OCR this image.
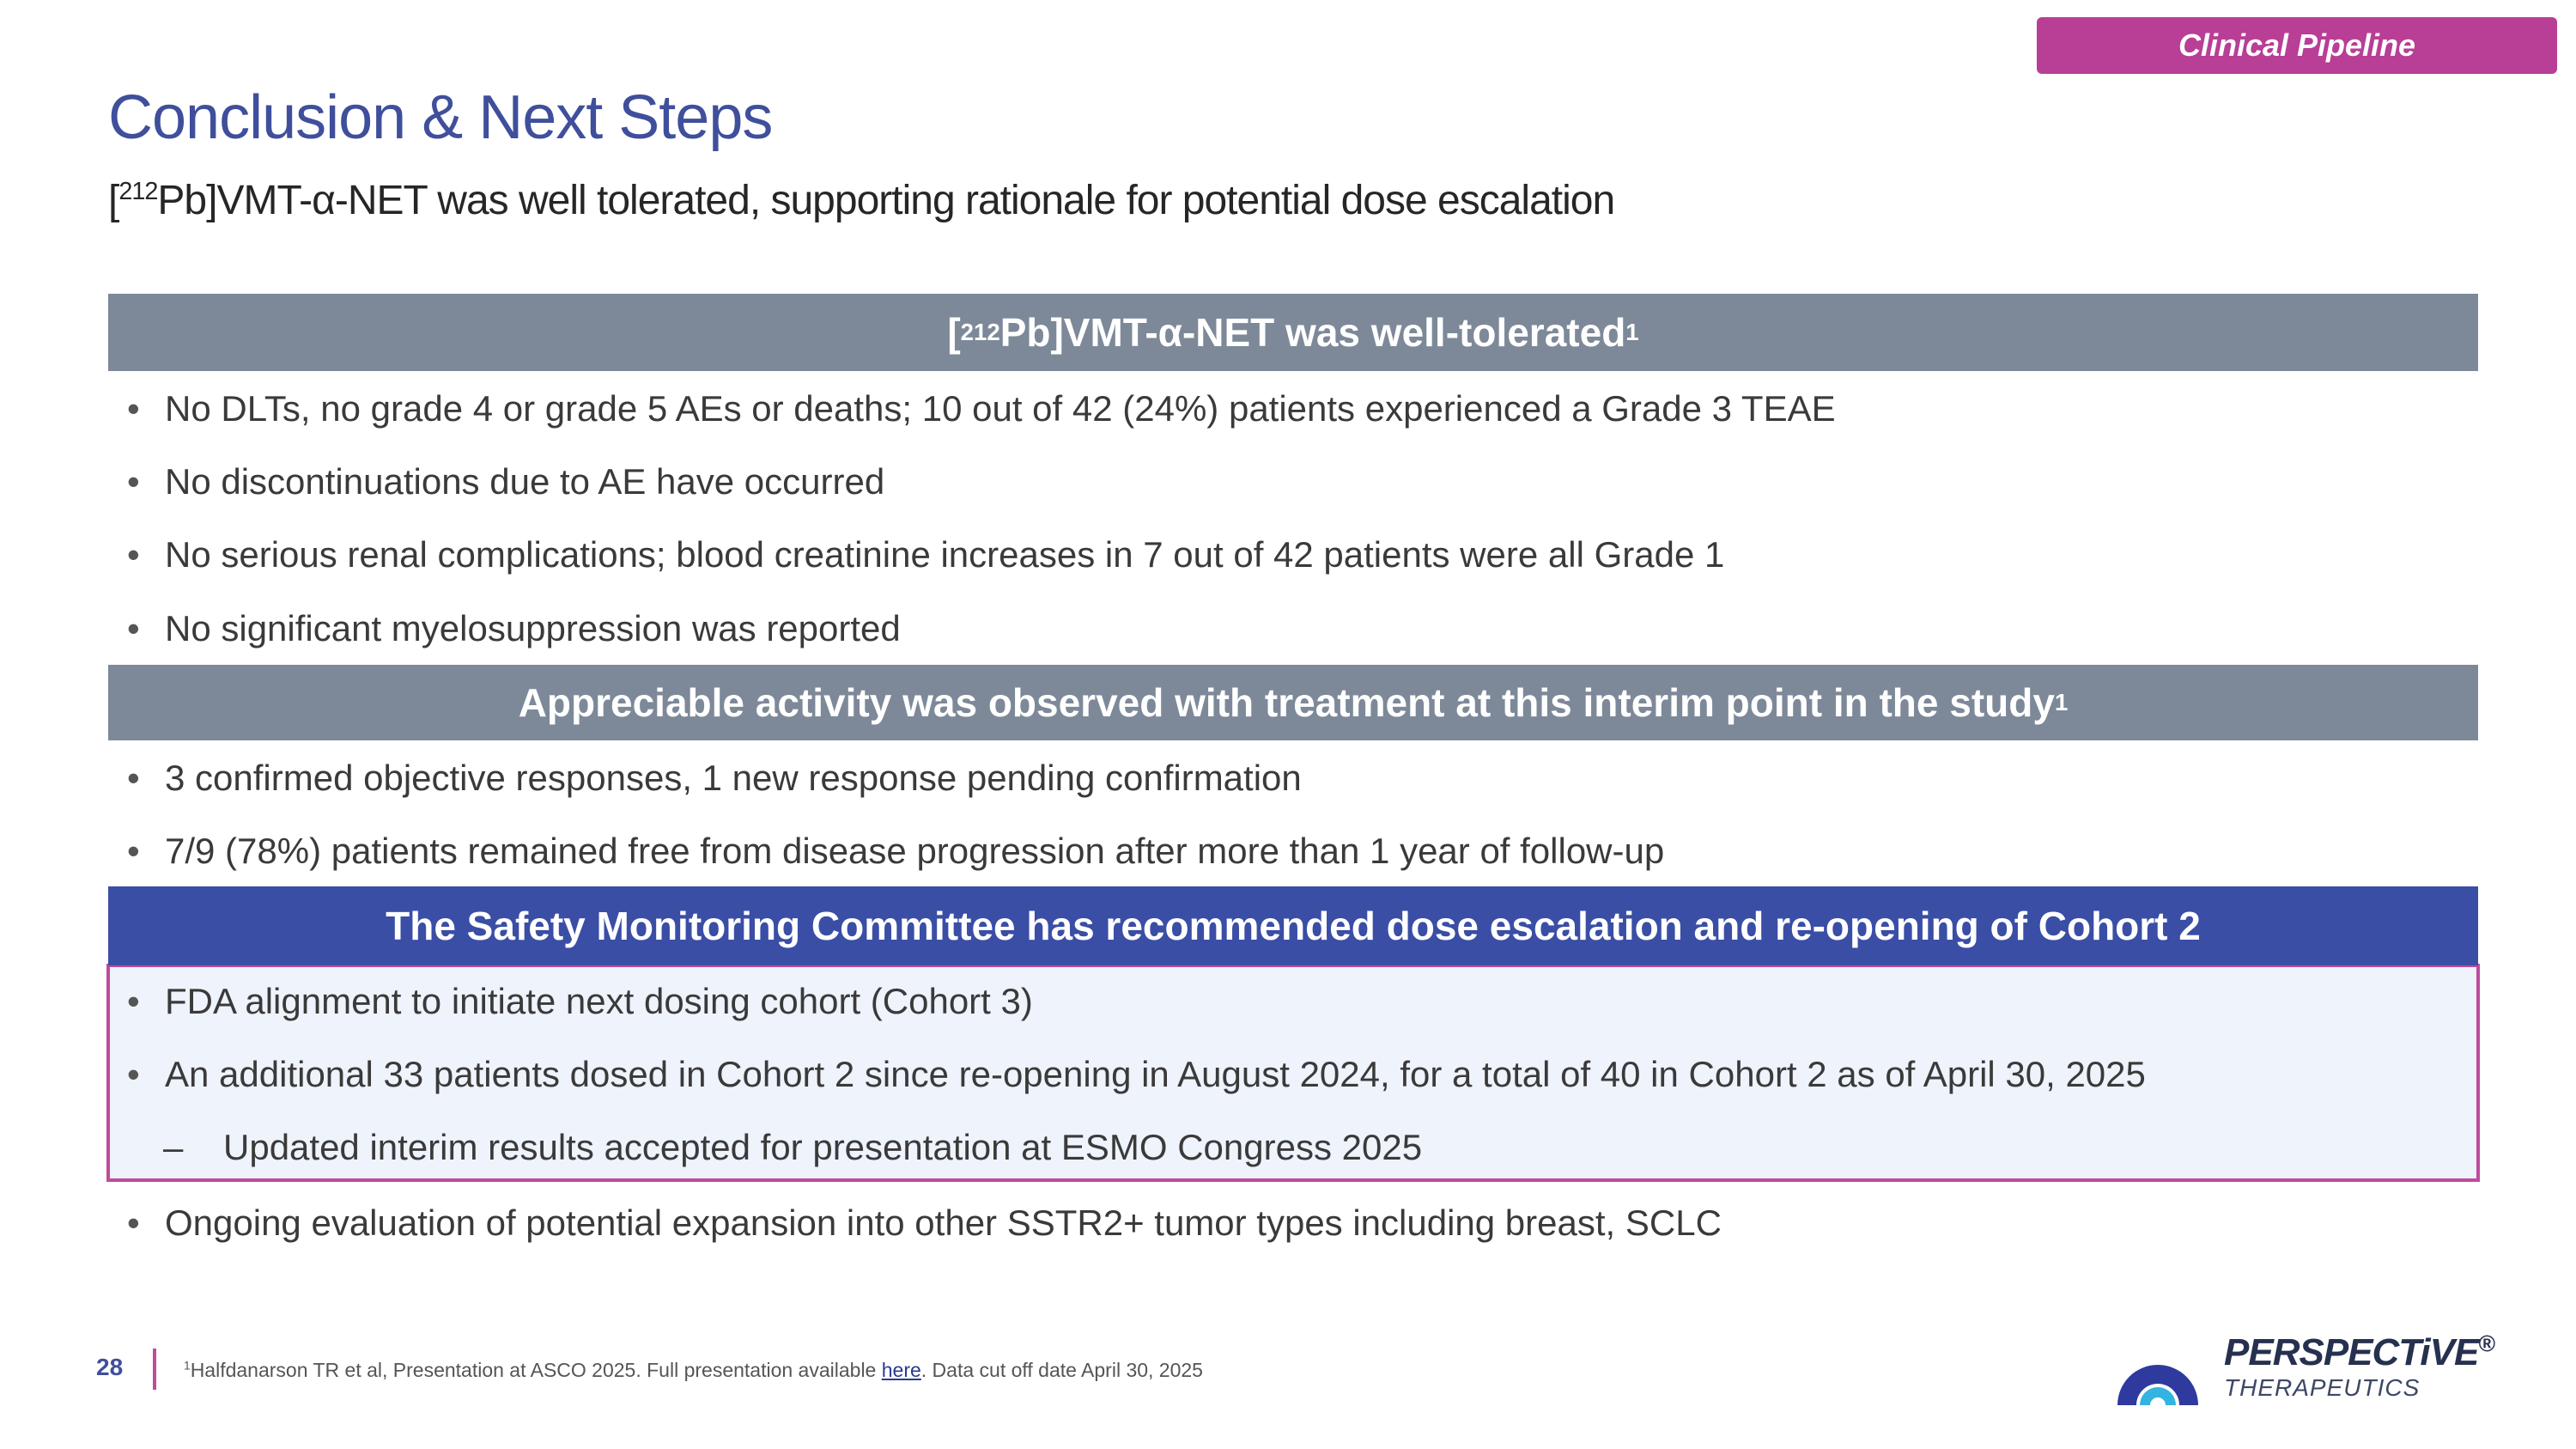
Clinical Pipeline
Conclusion & Next Steps

[$^{212}$Pb]VMT-α-NET was well tolerated, supporting rationale for potential dose escalation

[ 212 Pb]VMT-α-NET was well-tolerated 1

• No DLTs, no grade 4 or grade 5 AEs or deaths; 10 out of 42 (24%) patients experienced a Grade 3 TEAE

• No discontinuations due to AE have occurred

• No serious renal complications; blood creatinine increases in 7 out of 42 patients were all Grade 1

• No significant myelosuppression was reported

Appreciable activity was observed with treatment at this interim point in the study 1

• 3 confirmed objective responses, 1 new response pending confirmation

• 7/9 (78%) patients remained free from disease progression after more than 1 year of follow-up

The Safety Monitoring Committee has recommended dose escalation and re-opening of Cohort 2

• FDA alignment to initiate next dosing cohort (Cohort 3)

• An additional 33 patients dosed in Cohort 2 since re-opening in August 2024, for a total of 40 in Cohort 2 as of April 30, 2025

– Updated interim results accepted for presentation at ESMO Congress 2025

• Ongoing evaluation of potential expansion into other SSTR2+ tumor types including breast, SCLC

28	$^1$Halfdanarson TR et al, Presentation at ASCO 2025. Full presentation available here. Data cut off date April 30, 2025	PERSPECTiVE®
THERAPEUTICS
